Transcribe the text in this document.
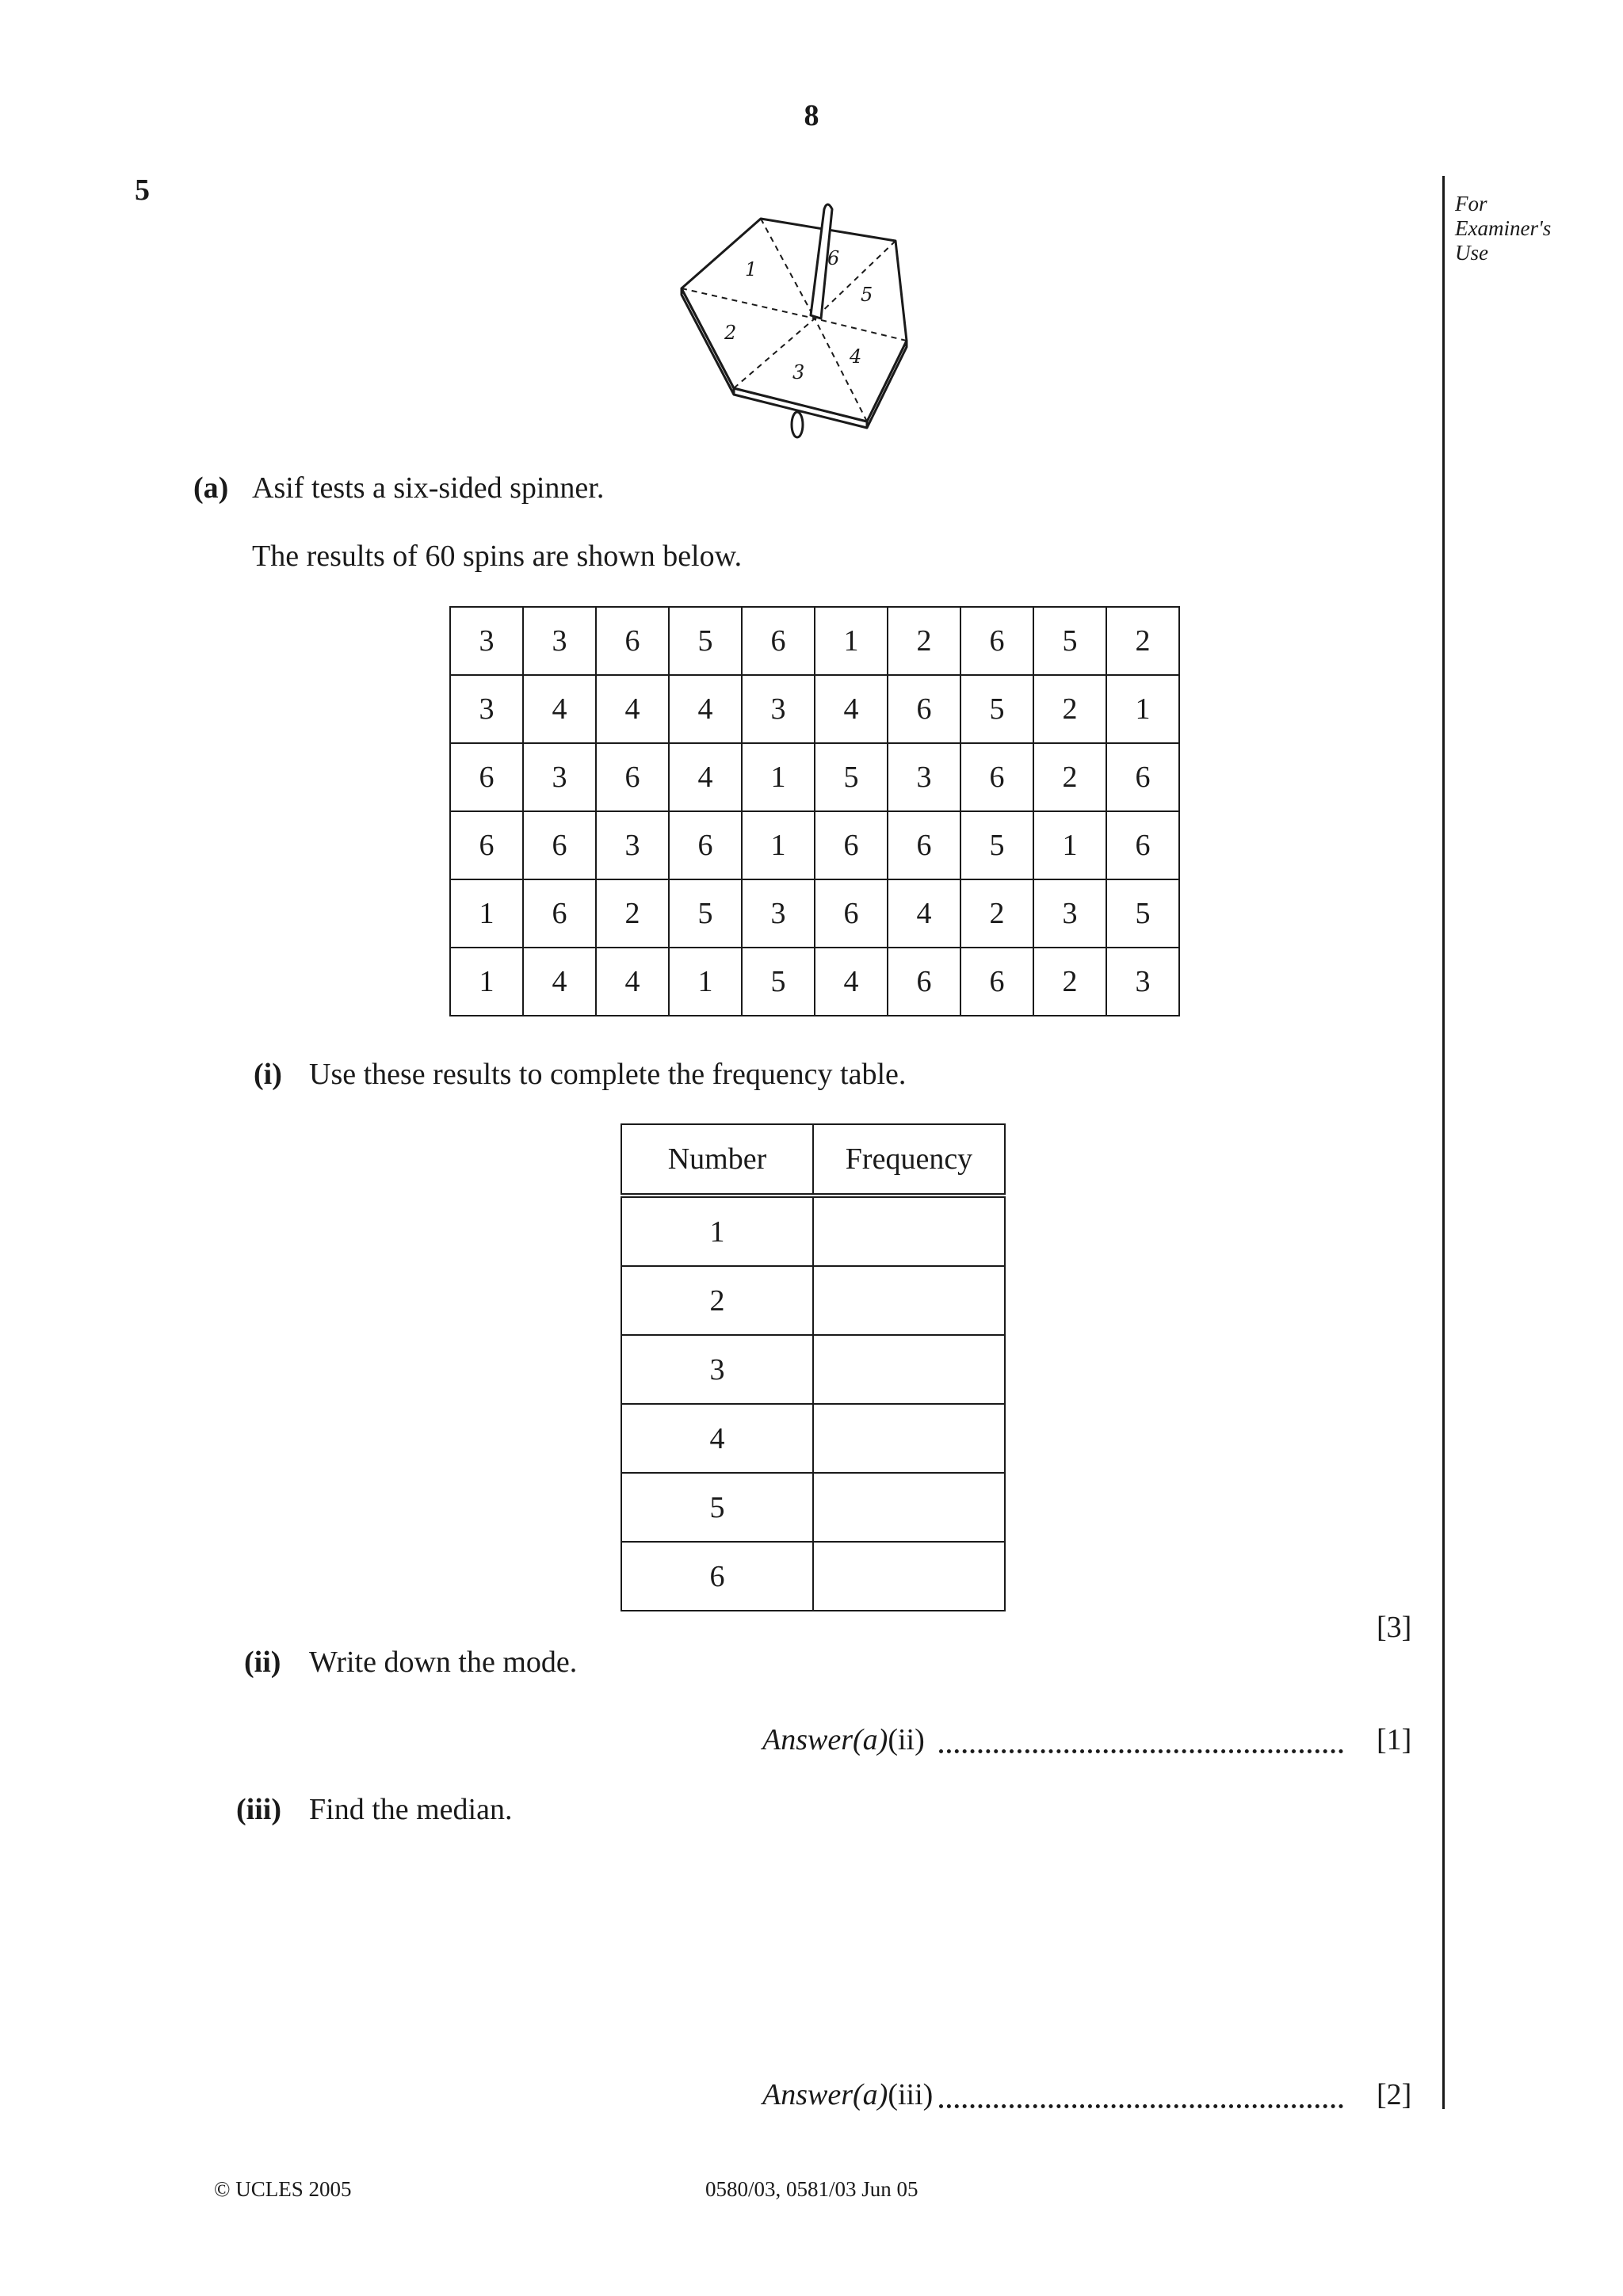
8
5	For
Examiner's
Use
1
2
3
4
5
6
(a) Asif tests a six-sided spinner.
The results of 60 spins are shown below.
3	3	6	5	6	1	2	6	5	2
3	4	4	4	3	4	6	5	2	1
6	3	6	4	1	5	3	6	2	6
6	6	3	6	1	6	6	5	1	6
1	6	2	5	3	6	4	2	3	5
1	4	4	1	5	4	6	6	2	3
(i) Use these results to complete the frequency table.
Number	Frequency
1	
2	
3	
4	
5	
6	
[3]
(ii) Write down the mode.
Answer(a)(ii)	[1]
(iii) Find the median.
Answer(a)(iii)	[2]
© UCLES 2005	0580/03, 0581/03 Jun 05
